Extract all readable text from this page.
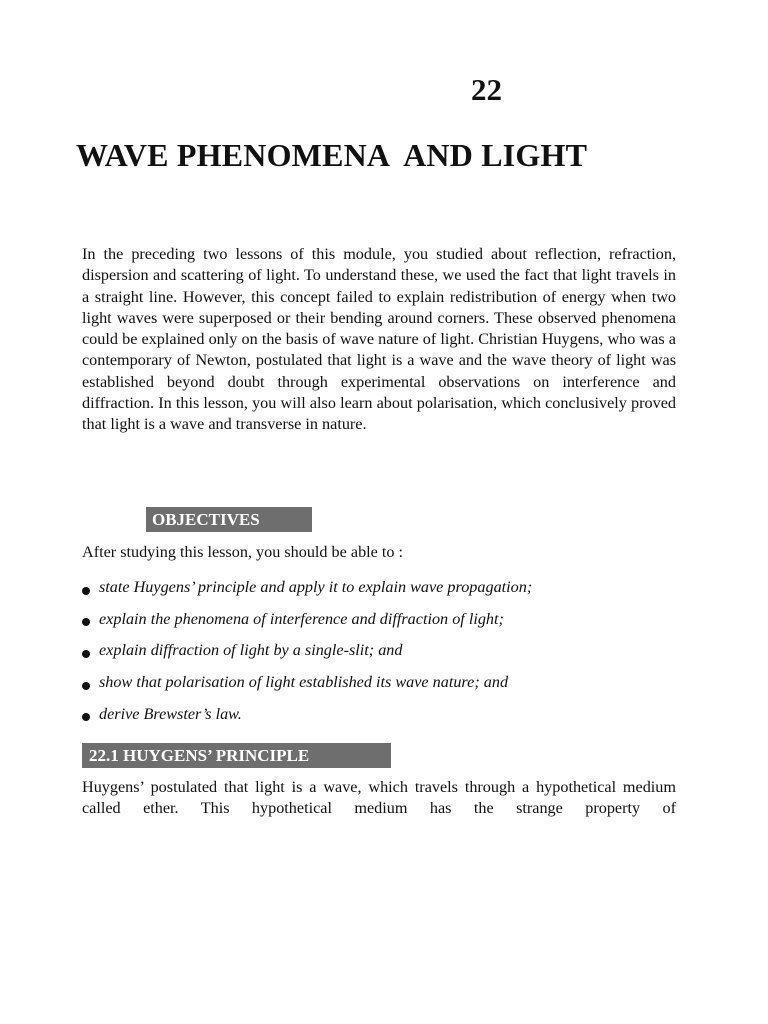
22
WAVE PHENOMENA  AND LIGHT

In the preceding two lessons of this module, you studied about reflection, refraction, dispersion and scattering of light. To understand these, we used the fact that light travels in a straight line. However, this concept failed to explain redistribution of energy when two light waves were superposed or their bending around corners. These observed phenomena could be explained only on the basis of wave nature of light. Christian Huygens, who was a contemporary of Newton, postulated that light is a wave and the wave theory of light was established beyond doubt through experimental observations on interference and diffraction. In this lesson, you will also learn about polarisation, which conclusively proved that light is a wave and transverse in nature.

OBJECTIVES

After studying this lesson, you should be able to :

state Huygens’ principle and apply it to explain wave propagation;
explain the phenomena of interference and diffraction of light;
explain diffraction of light by a single-slit; and
show that polarisation of light established its wave nature; and
derive Brewster’s law.
22.1 HUYGENS’ PRINCIPLE

Huygens’ postulated that light is a wave, which travels through a hypothetical medium called ether. This hypothetical medium has the strange property of
